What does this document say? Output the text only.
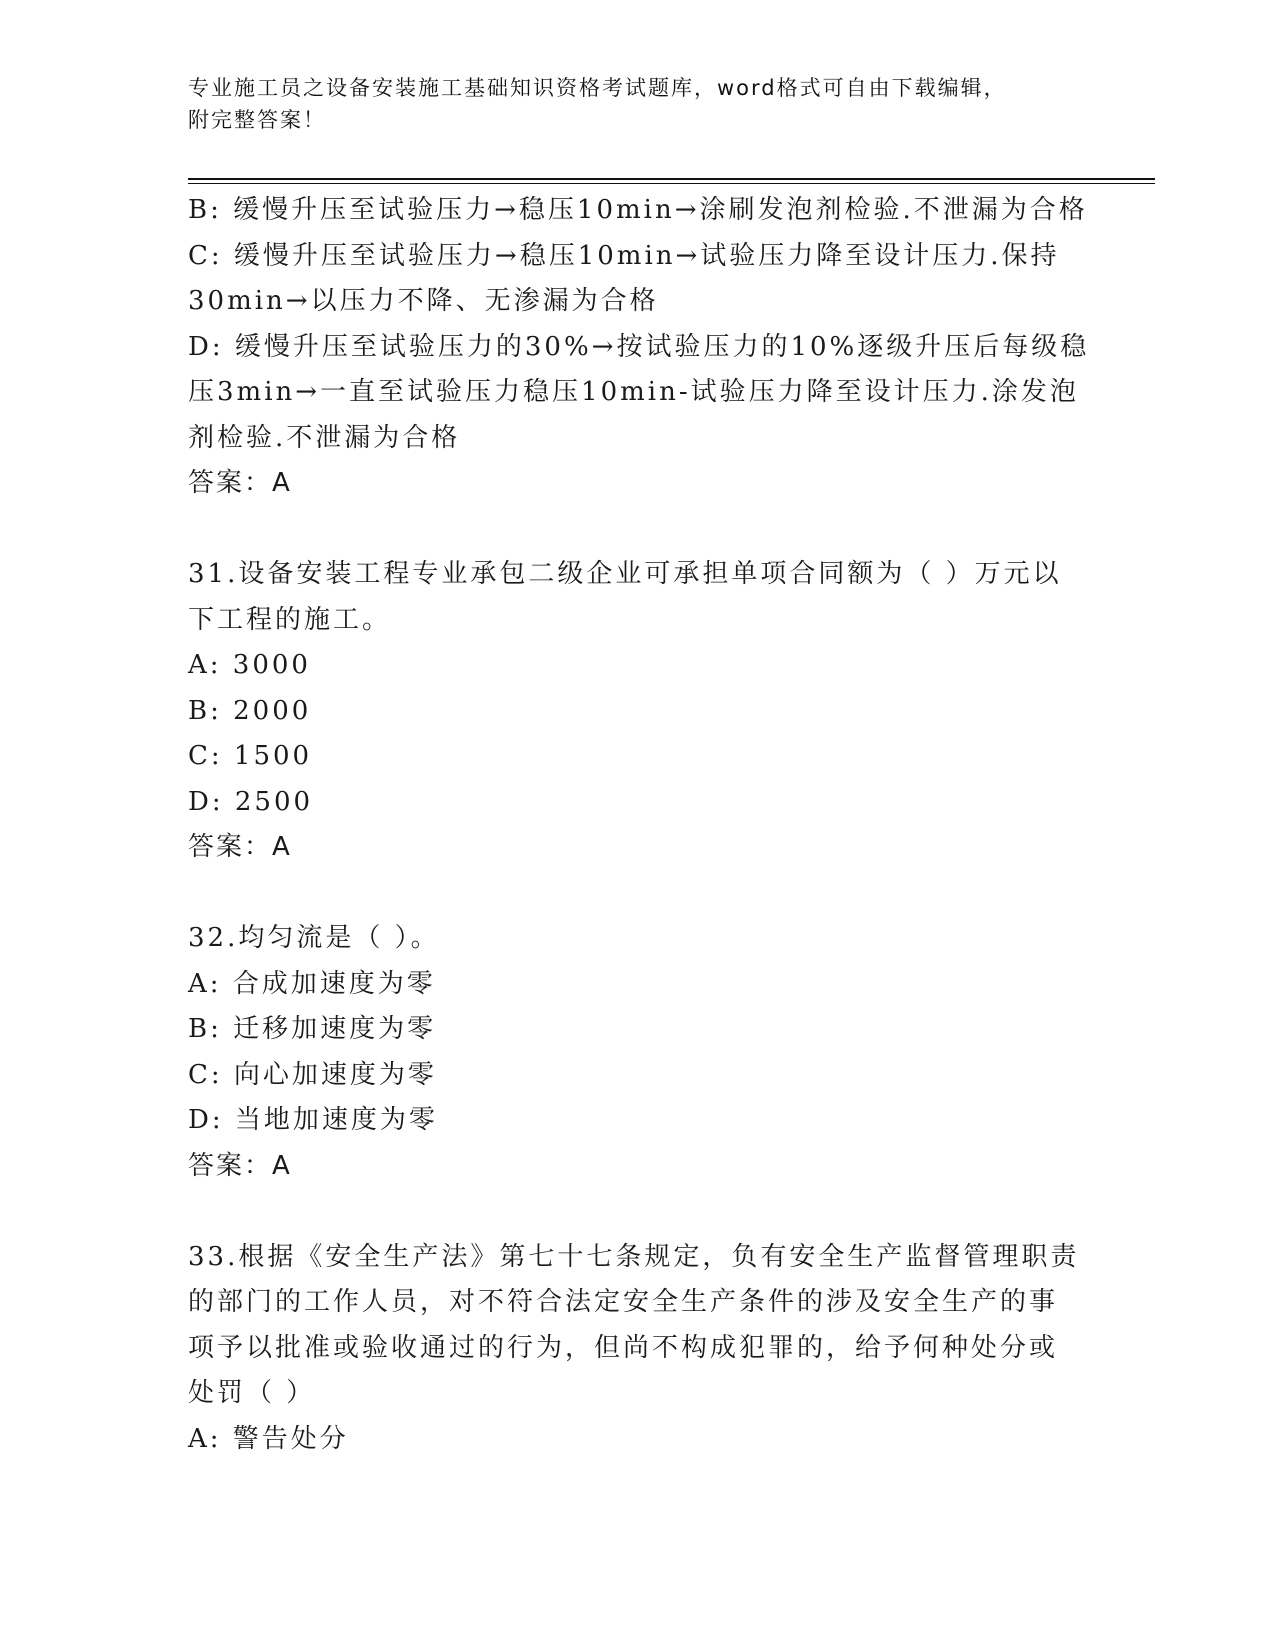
专业施工员之设备安装施工基础知识资格考试题库，word格式可自由下载编辑，
附完整答案！
B: 缓慢升压至试验压力→稳压10min→涂刷发泡剂检验.不泄漏为合格
C: 缓慢升压至试验压力→稳压10min→试验压力降至设计压力.保持
30min→以压力不降、无渗漏为合格
D: 缓慢升压至试验压力的30%→按试验压力的10%逐级升压后每级稳
压3min→一直至试验压力稳压10min-试验压力降至设计压力.涂发泡
剂检验.不泄漏为合格
答案：A
31.设备安装工程专业承包二级企业可承担单项合同额为（ ）万元以
下工程的施工。
A: 3000
B: 2000
C: 1500
D: 2500
答案：A
32.均匀流是（ ）。
A: 合成加速度为零
B: 迁移加速度为零
C: 向心加速度为零
D: 当地加速度为零
答案：A
33.根据《安全生产法》第七十七条规定，负有安全生产监督管理职责
的部门的工作人员，对不符合法定安全生产条件的涉及安全生产的事
项予以批准或验收通过的行为，但尚不构成犯罪的，给予何种处分或
处罚（ ）
A: 警告处分
